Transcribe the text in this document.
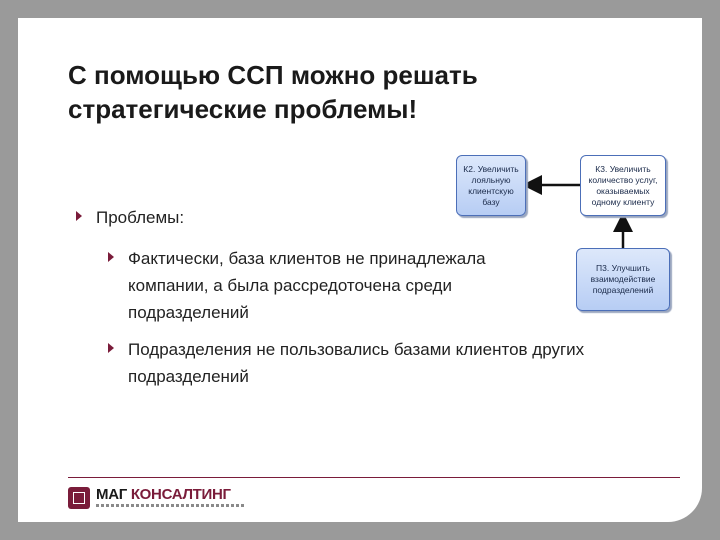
С помощью ССП можно решать
стратегические проблемы!
Проблемы:
Фактически, база клиентов не принадлежала компании, а была рассредоточена среди подразделений
Подразделения не пользовались базами клиентов других подразделений
К2. Увеличить лояльную клиентскую базу
К3. Увеличить количество услуг, оказываемых одному клиенту
П3. Улучшить взаимодействие подразделений
МАГ КОНСАЛТИНГ
